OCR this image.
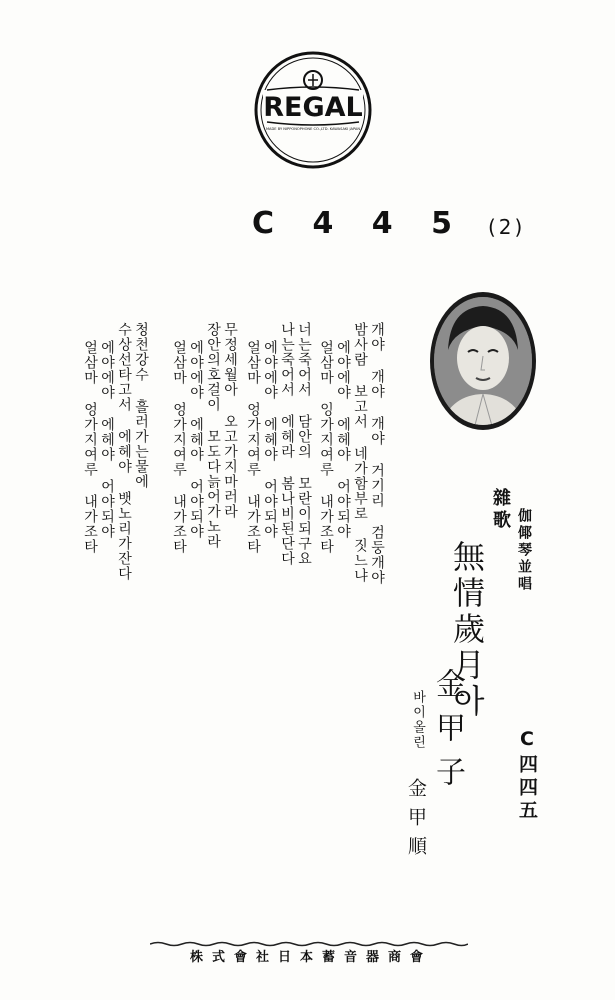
REGAL
MADE BY NIPPONOPHONE CO.,LTD. KAWASAKI JAPAN
C 4 4 5 (2)
雜歌 伽倻琴並唱
無情歲月아
金甲子
바이올린
金甲順	C四四五
개야 개야 개야 거기리 검둥개야
밤사람 보고서 네가함부로 짓느냐
에야에야 에헤야 어야되야
얼삼마 잉가지여루 내가조타
너는죽어서 담안의 모란이되구요
나는죽어서 에헤라 봄나비된단다
에야에야 에헤야 어야되야
얼삼마 엉가지여루 내가조타
무정세월아 오고가지마러라
장안의호걸이 모도다늙어가노라
에야에야 에헤야 어야되야
얼삼마 엉가지여루 내가조타
청천강수 흘러가는물에
수상선타고서 에헤야 뱃노리가잔다
에야에야 에헤야 어야되야
얼삼마 엉가지여루 내가조타
株式會社日本蓄音器商會
